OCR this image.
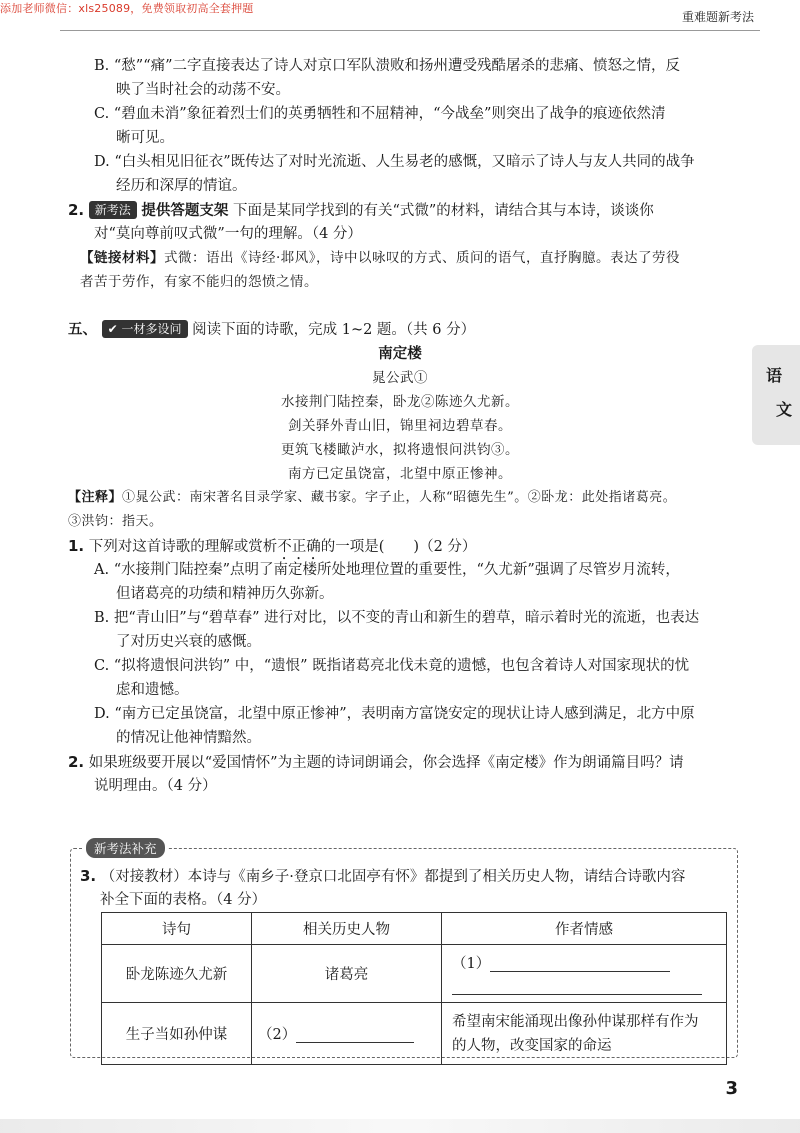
添加老师微信：xls25089，免费领取初高全套押题
重难题新考法
语
文
B. “愁”“痛”二字直接表达了诗人对京口军队溃败和扬州遭受残酷屠杀的悲痛、愤怒之情，反
映了当时社会的动荡不安。
C. “碧血未消”象征着烈士们的英勇牺牲和不屈精神，“今战垒”则突出了战争的痕迹依然清
晰可见。
D. “白头相见旧征衣”既传达了对时光流逝、人生易老的感慨，又暗示了诗人与友人共同的战争
经历和深厚的情谊。
2. 新考法 提供答题支架 下面是某同学找到的有关“式微”的材料，请结合其与本诗，谈谈你
对“莫向尊前叹式微”一句的理解。（4 分）
【链接材料】式微：语出《诗经·邶风》，诗中以咏叹的方式、质问的语气，直抒胸臆。表达了劳役
者苦于劳作，有家不能归的怨愤之情。
五、 ✔ 一材多设问 阅读下面的诗歌，完成 1~2 题。（共 6 分）
南定楼
晁公武①
水接荆门陆控秦，卧龙②陈迹久尤新。
剑关驿外青山旧，锦里祠边碧草春。
更筑飞楼瞰泸水，拟将遗恨问洪钧③。
南方已定虽饶富，北望中原正惨神。
【注释】①晁公武：南宋著名目录学家、藏书家。字子止，人称“昭德先生”。②卧龙：此处指诸葛亮。
③洪钧：指天。
1. 下列对这首诗歌的理解或赏析不正确的一项是(　　)（2 分）
A. “水接荆门陆控秦”点明了南定楼所处地理位置的重要性，“久尤新”强调了尽管岁月流转，
但诸葛亮的功绩和精神历久弥新。
B. 把“青山旧”与“碧草春” 进行对比，以不变的青山和新生的碧草，暗示着时光的流逝，也表达
了对历史兴衰的感慨。
C. “拟将遗恨问洪钧” 中，“遗恨” 既指诸葛亮北伐未竟的遗憾，也包含着诗人对国家现状的忧
虑和遗憾。
D. “南方已定虽饶富，北望中原正惨神”，表明南方富饶安定的现状让诗人感到满足，北方中原
的情况让他神情黯然。
2. 如果班级要开展以“爱国情怀”为主题的诗词朗诵会，你会选择《南定楼》作为朗诵篇目吗？请
说明理由。（4 分）
新考法补充
3. （对接教材）本诗与《南乡子·登京口北固亭有怀》都提到了相关历史人物，请结合诗歌内容
补全下面的表格。（4 分）
诗句	相关历史人物	作者情感
卧龙陈迹久尤新	诸葛亮	（1）

生子当如孙仲谋	（2）	希望南宋能涌现出像孙仲谋那样有作为
的人物，改变国家的命运
3
